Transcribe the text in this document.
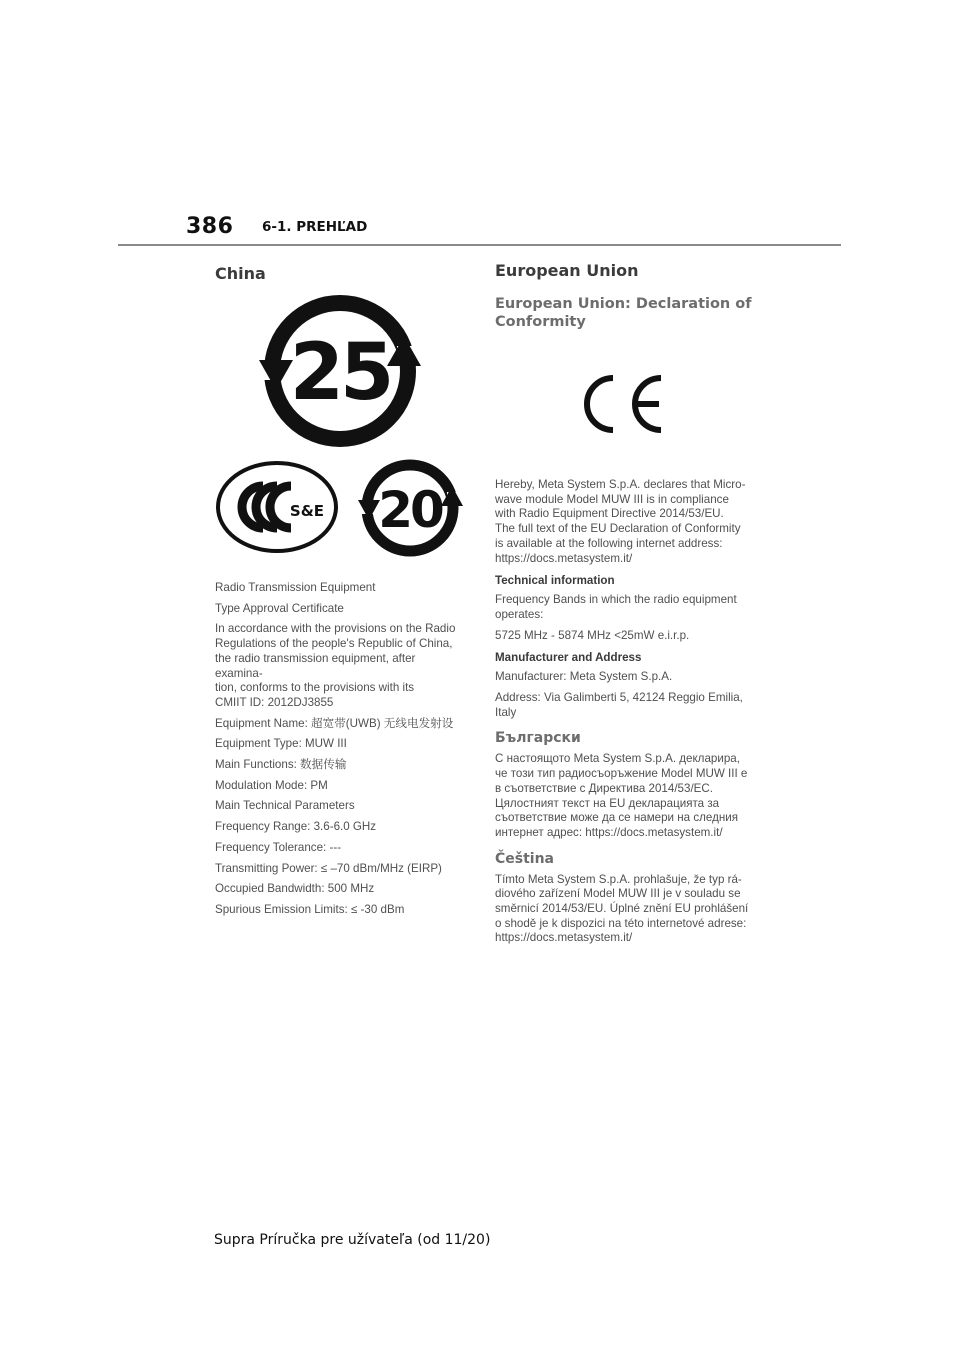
386 6-1. PREHĽAD
China
25
S&E 20

Radio Transmission Equipment

Type Approval Certificate

In accordance with the provisions on the Radio
Regulations of the people's Republic of China,
the radio transmission equipment, after examina-
tion, conforms to the provisions with its
CMIIT ID: 2012DJ3855

Equipment Name: 超宽带(UWB) 无线电发射设

Equipment Type: MUW III

Main Functions: 数据传输

Modulation Mode: PM

Main Technical Parameters

Frequency Range: 3.6-6.0 GHz

Frequency Tolerance: ---

Transmitting Power: ≤ –70 dBm/MHz (EIRP)

Occupied Bandwidth: 500 MHz

Spurious Emission Limits: ≤ -30 dBm

European Union
European Union: Declaration of Conformity

Hereby, Meta System S.p.A. declares that Micro-
wave module Model MUW III is in compliance
with Radio Equipment Directive 2014/53/EU.
The full text of the EU Declaration of Conformity
is available at the following internet address:
https://docs.metasystem.it/

Technical information

Frequency Bands in which the radio equipment
operates:

5725 MHz - 5874 MHz <25mW e.i.r.p.

Manufacturer and Address

Manufacturer: Meta System S.p.A.

Address: Via Galimberti 5, 42124 Reggio Emilia,
Italy

Български

С настоящото Meta System S.p.A. декларира,
че този тип радиосъоръжение Model MUW III е
в съответствие с Директива 2014/53/ЕС.
Цялостният текст на EU декларацията за
съответствие може да се намери на следния
интернет адрес: https://docs.metasystem.it/

Čeština

Tímto Meta System S.p.A. prohlašuje, že typ rá-
diového zařízení Model MUW III je v souladu se
směrnicí 2014/53/EU. Úplné znění EU prohlášení
o shodě je k dispozici na této internetové adrese:
https://docs.metasystem.it/

Supra Príručka pre užívateľa (od 11/20)
